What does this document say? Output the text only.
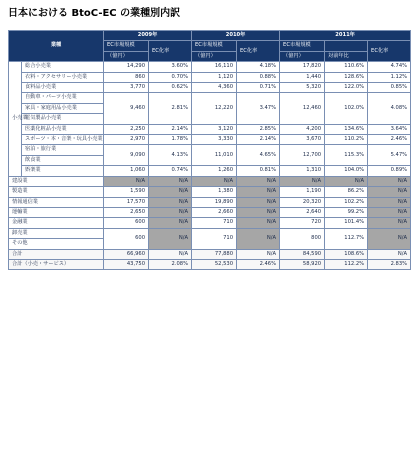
日本における BtoC-EC の業種別内訳
業種		2009年		2010年		2011年		
		EC市場規模	EC化率	EC市場規模	EC化率	EC市場規模		EC化率
		（億円）		（億円）		（億円）	対前年比	
小売業	総合小売業	14,290	3.60%	16,110	4.18%	17,820	110.6%	4.74%
	衣料・アクセサリー小売業	860	0.70%	1,120	0.88%	1,440	128.6%	1.12%
	食料品小売業	3,770	0.62%	4,360	0.71%	5,320	122.0%	0.85%
	自動車・パーツ小売業	9,460	2.81%	12,220	3.47%	12,460	102.0%	4.08%
	家具・家庭用品小売業							
	電気製品小売業							
	医薬化粧品小売業	2,250	2.14%	3,120	2.85%	4,200	134.6%	3.64%
	スポーツ・本・音楽・玩具小売業	2,970	1.78%	3,330	2.14%	3,670	110.2%	2.46%
	宿泊・旅行業	9,090	4.13%	11,010	4.65%	12,700	115.3%	5.47%
	飲食業							
	娯楽業	1,060	0.74%	1,260	0.81%	1,310	104.0%	0.89%
建設業		N/A	N/A	N/A	N/A	N/A	N/A	N/A
製造業		1,590	N/A	1,380	N/A	1,190	86.2%	N/A
情報通信業		17,570	N/A	19,890	N/A	20,320	102.2%	N/A
運輸業		2,650	N/A	2,660	N/A	2,640	99.2%	N/A
金融業		600	N/A	710	N/A	720	101.4%	N/A
卸売業		600	N/A	710	N/A	800	112.7%	N/A
その他								
合計		66,960	N/A	77,880	N/A	84,590	108.6%	N/A
合計（小売・サービス）		43,750	2.08%	52,530	2.46%	58,920	112.2%	2.83%
